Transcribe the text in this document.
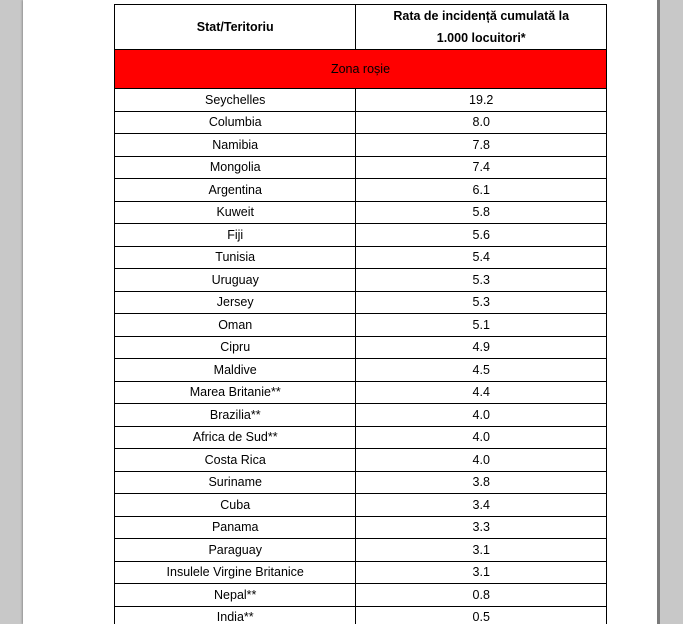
Stat/Teritoriu	Rata de incidență cumulată la 1.000 locuitori*
Zona roșie	
Seychelles	19.2
Columbia	8.0
Namibia	7.8
Mongolia	7.4
Argentina	6.1
Kuweit	5.8
Fiji	5.6
Tunisia	5.4
Uruguay	5.3
Jersey	5.3
Oman	5.1
Cipru	4.9
Maldive	4.5
Marea Britanie**	4.4
Brazilia**	4.0
Africa de Sud**	4.0
Costa Rica	4.0
Suriname	3.8
Cuba	3.4
Panama	3.3
Paraguay	3.1
Insulele Virgine Britanice	3.1
Nepal**	0.8
India**	0.5
